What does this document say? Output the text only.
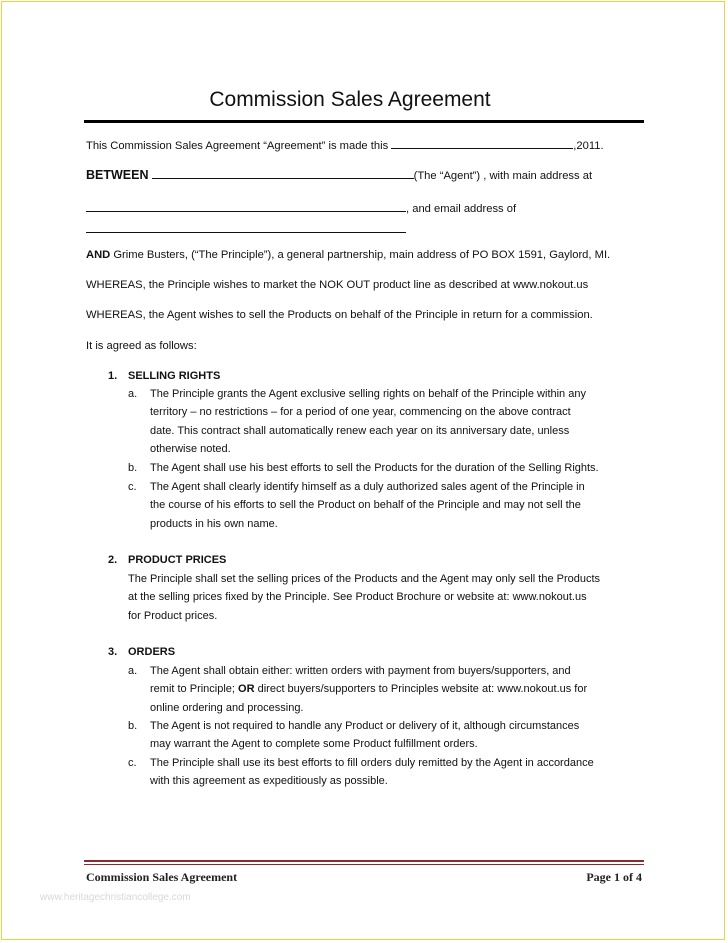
Commission Sales Agreement
This Commission Sales Agreement “Agreement” is made this	,2011.
BETWEEN	(The “Agent”) , with main address at
, and email address of
AND Grime Busters, (“The Principle”), a general partnership, main address of PO BOX 1591, Gaylord, MI.
WHEREAS, the Principle wishes to market the NOK OUT product line as described at www.nokout.us
WHEREAS, the Agent wishes to sell the Products on behalf of the Principle in return for a commission.
It is agreed as follows:
1. SELLING RIGHTS
a. The Principle grants the Agent exclusive selling rights on behalf of the Principle within any
territory – no restrictions – for a period of one year, commencing on the above contract
date. This contract shall automatically renew each year on its anniversary date, unless
otherwise noted.
b. The Agent shall use his best efforts to sell the Products for the duration of the Selling Rights.
c. The Agent shall clearly identify himself as a duly authorized sales agent of the Principle in
the course of his efforts to sell the Product on behalf of the Principle and may not sell the
products in his own name.
2. PRODUCT PRICES
The Principle shall set the selling prices of the Products and the Agent may only sell the Products
at the selling prices fixed by the Principle. See Product Brochure or website at: www.nokout.us
for Product prices.
3. ORDERS
a. The Agent shall obtain either: written orders with payment from buyers/supporters, and
remit to Principle; OR direct buyers/supporters to Principles website at: www.nokout.us for
online ordering and processing.
b. The Agent is not required to handle any Product or delivery of it, although circumstances
may warrant the Agent to complete some Product fulfillment orders.
c. The Principle shall use its best efforts to fill orders duly remitted by the Agent in accordance
with this agreement as expeditiously as possible.
Commission Sales Agreement	Page 1 of 4
www.heritagechristiancollege.com
